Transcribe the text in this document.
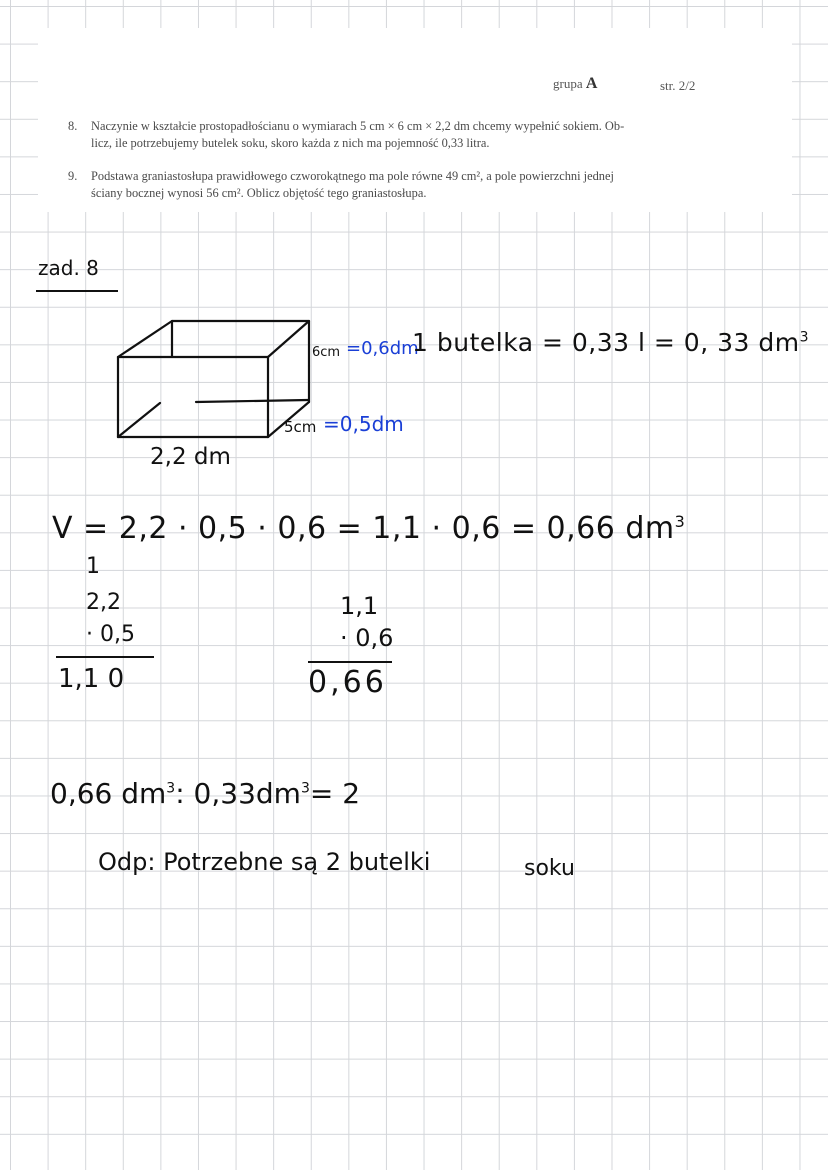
grupa A	str. 2/2
8. Naczynie w kształcie prostopadłościanu o wymiarach 5 cm × 6 cm × 2,2 dm chcemy wypełnić sokiem. Ob-
licz, ile potrzebujemy butelek soku, skoro każda z nich ma pojemność 0,33 litra.
9. Podstawa graniastosłupa prawidłowego czworokątnego ma pole równe 49 cm², a pole powierzchni jednej
ściany bocznej wynosi 56 cm². Oblicz objętość tego graniastosłupa.
zad. 8
6cm =0,6dm
5cm =0,5dm
2,2 dm
1 butelka = 0,33 l = 0, 33 $dm^3$
V = 2,2 · 0,5 · 0,6 = 1,1 · 0,6 = 0,66 $dm^3$
1
2,2
· 0,5
1,1 0
1,1
· 0,6
0,66
0,66 $dm^3$: $0,33dm^3= 2$
Odp: Potrzebne są 2 butelki	soku
